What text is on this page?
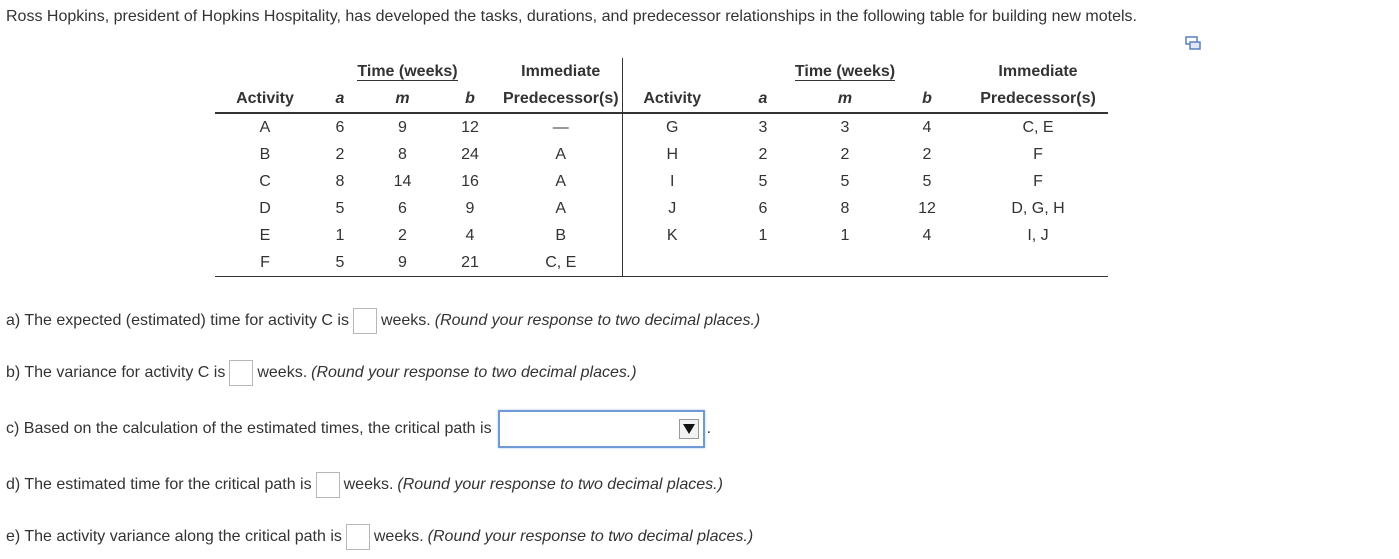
Ross Hopkins, president of Hopkins Hospitality, has developed the tasks, durations, and predecessor relationships in the following table for building new motels.
	Time (weeks)			Immediate		Time (weeks)			Immediate
Activity	a	m	b	Predecessor(s)	Activity	a	m	b	Predecessor(s)
A	6	9	12	—	G	3	3	4	C, E
B	2	8	24	A	H	2	2	2	F
C	8	14	16	A	I	5	5	5	F
D	5	6	9	A	J	6	8	12	D, G, H
E	1	2	4	B	K	1	1	4	I, J
F	5	9	21	C, E					
a) The expected (estimated) time for activity C is weeks. (Round your response to two decimal places.)
b) The variance for activity C is weeks. (Round your response to two decimal places.)
c) Based on the calculation of the estimated times, the critical path is	.
d) The estimated time for the critical path is weeks. (Round your response to two decimal places.)
e) The activity variance along the critical path is weeks. (Round your response to two decimal places.)
